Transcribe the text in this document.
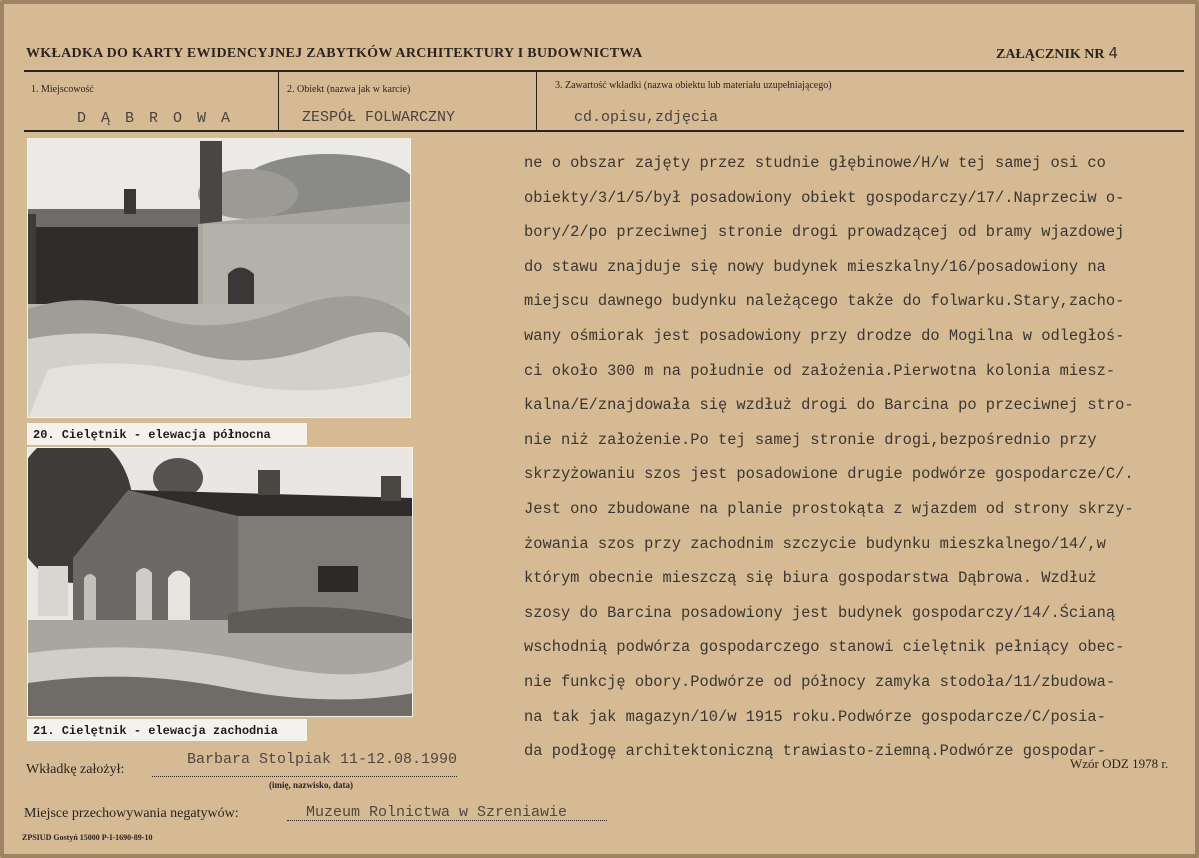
WKŁADKA DO KARTY EWIDENCYJNEJ ZABYTKÓW ARCHITEKTURY I BUDOWNICTWA	ZAŁĄCZNIK NR 4
1. Miejscowość
D Ą B R O W A
2. Obiekt (nazwa jak w karcie)
ZESPÓŁ FOLWARCZNY
3. Zawartość wkładki (nazwa obiektu lub materiału uzupełniającego)
cd.opisu,zdjęcia
ne o obszar zajęty przez studnie głębinowe/H/w tej samej osi co
obiekty/3/1/5/był posadowiony obiekt gospodarczy/17/.Naprzeciw o-
bory/2/po przeciwnej stronie drogi prowadzącej od bramy wjazdowej
do stawu znajduje się nowy budynek mieszkalny/16/posadowiony na
miejscu dawnego budynku należącego także do folwarku.Stary,zacho-
wany ośmiorak jest posadowiony przy drodze do Mogilna w odległoś-
ci około 300 m na południe od założenia.Pierwotna kolonia miesz-
kalna/E/znajdowała się wzdłuż drogi do Barcina po przeciwnej stro-
nie niż założenie.Po tej samej stronie drogi,bezpośrednio przy
skrzyżowaniu szos jest posadowione drugie podwórze gospodarcze/C/.
Jest ono zbudowane na planie prostokąta z wjazdem od strony skrzy-
żowania szos przy zachodnim szczycie budynku mieszkalnego/14/,w
którym obecnie mieszczą się biura gospodarstwa Dąbrowa. Wzdłuż
szosy do Barcina posadowiony jest budynek gospodarczy/14/.Ścianą
wschodnią podwórza gospodarczego stanowi cielętnik pełniący obec-
nie funkcję obory.Podwórze od północy zamyka stodoła/11/zbudowa-
na tak jak magazyn/10/w 1915 roku.Podwórze gospodarcze/C/posia-
da podłogę architektoniczną trawiasto-ziemną.Podwórze gospodar-
20. Cielętnik - elewacja północna
21. Cielętnik - elewacja zachodnia
Wkładkę założył:
Barbara Stolpiak 11-12.08.1990
(imię, nazwisko, data)
Wzór ODZ 1978 r.
Miejsce przechowywania negatywów:	Muzeum Rolnictwa w Szreniawie
ZPSIUD Gostyń 15000 P-I-1690-89-10
